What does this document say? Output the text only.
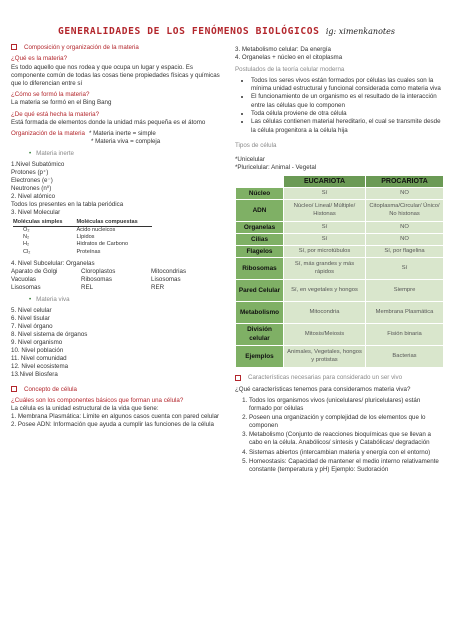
GENERALIDADES DE LOS FENÓMENOS BIOLÓGICOS ig: ximenkanotes
Composición y organización de la materia
¿Qué es la materia?
Es todo aquello que nos rodea y que ocupa un lugar y espacio. Es componente común de todas las cosas tiene propiedades físicas y químicas que lo diferencian entre sí
¿Cómo se formó la materia?
La materia se formó en el Bing Bang
¿De qué está hecha la materia?
Está formada de elementos donde la unidad más pequeña es el átomo
Organización de la materia * Materia inerte = simple
* Materia viva = compleja
• Materia inerte
1.Nivel Subatómico
Protones (p⁺)
Electrones (e⁻)
Neutrones (n⁰)
2. Nivel atómico
Todos los presentes en la tabla periódica
3. Nivel Molecular
Moléculas simples	Moléculas compuestas
O₂	Ácido nucleicos
N₂	Lípidos
H₂	Hidratos de Carbono
Cl₂	Proteínas
4. Nivel Subcelular: Organelas
Aparato de Golgi	Cloroplastos	Mitocondrias
Vacuolas	Ribosomas	Lisosomas
Lisosomas	REL	RER
• Materia viva
5. Nivel celular
6. Nivel tisular
7. Nivel órgano
8. Nivel sistema de órganos
9. Nivel organismo
10. Nivel población
11. Nivel comunidad
12. Nivel ecosistema
13.Nivel Biosfera
Concepto de célula
¿Cuáles son los componentes básicos que forman una célula?
La célula es la unidad estructural de la vida que tiene:
1. Membrana Plasmática: Límite en algunos casos cuenta con pared celular
2. Posee ADN: Información que ayuda a cumplir las funciones de la célula
3. Metabolismo celular: Da energía
4. Organelas + núcleo en el citoplasma
Postulados de la teoría celular moderna
• Todos los seres vivos están formados por células las cuales son la mínima unidad estructural y funcional considerada como materia viva
• El funcionamiento de un organismo es el resultado de la interacción entre las células que lo componen
• Toda célula proviene de otra célula
• Las células contienen material hereditario, el cual se transmite desde la célula progenitora a la célula hija
Tipos de célula
*Unicelular
*Pluricelular: Animal - Vegetal
	EUCARIOTA	PROCARIOTA
Núcleo	Sí	NO
ADN	Núcleo/ Lineal/ Múltiple/ Histonas	Citoplasma/Circular/ Único/ No histonas
Organelas	Sí	NO
Cilias	Sí	NO
Flagelos	Sí, por microtúbulos	Sí, por flagelina
Ribosomas	Sí, más grandes y más rápidos	Sí
Pared Celular	Sí, en vegetales y hongos	Siempre
Metabolismo	Mitocondria	Membrana Plasmática
División celular	Mitosis/Meiosis	Fisión binaria
Ejemplos	Animales, Vegetales, hongos y protistas	Bacterias
Características necesarias para considerado un ser vivo
¿Qué características tenemos para consideramos materia viva?
1. Todos los organismos vivos (unicelulares/ pluricelulares) están formado por células
2. Poseen una organización y complejidad de los elementos que lo componen
3. Metabolismo (Conjunto de reacciones bioquímicas que se llevan a cabo en la célula. Anabólicos/ síntesis y Catabólicas/ degradación
4. Sistemas abiertos (intercambian materia y energía con el entorno)
5. Homeostasis: Capacidad de mantener el medio interno relativamente constante (temperatura y pH) Ejemplo: Sudoración
